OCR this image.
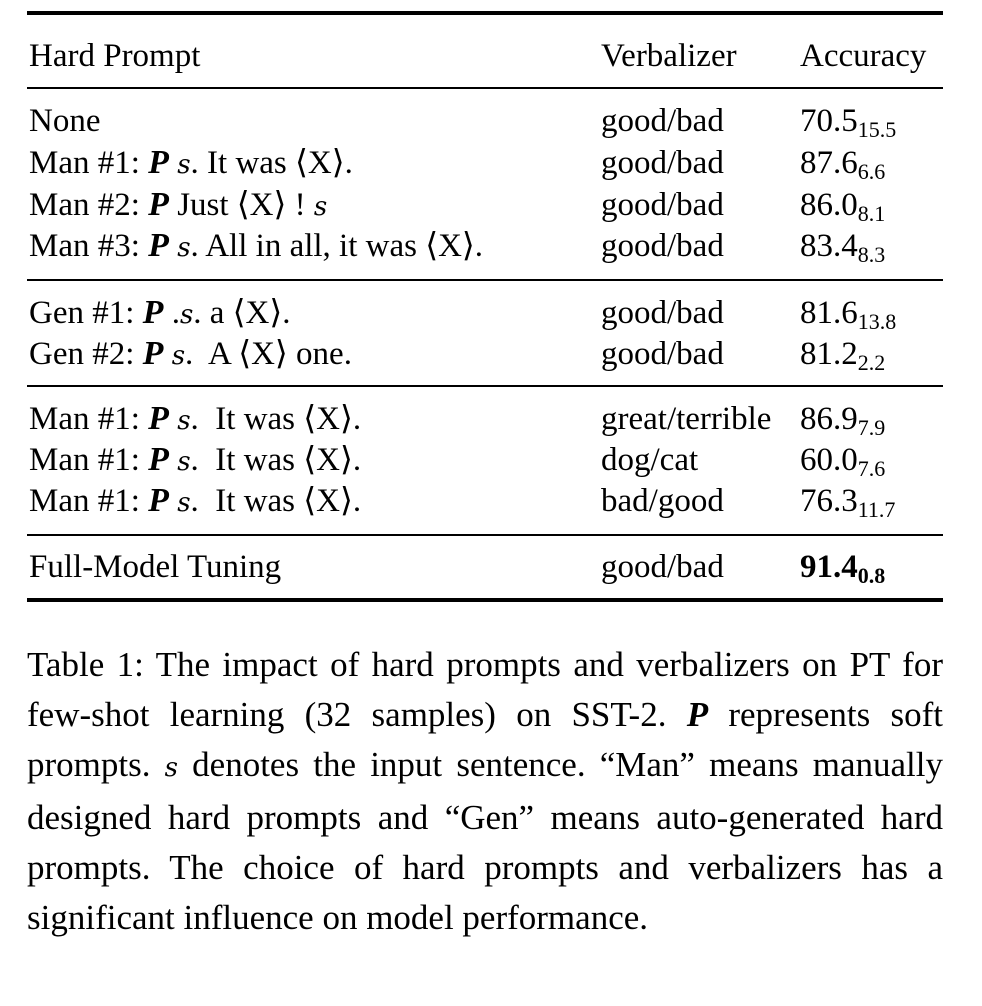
Hard Prompt	Verbalizer Accuracy
None	good/bad $70.5_{15.5}$
Man #1: P s. It was ⟨X⟩.	good/bad $87.6_{6.6}$
Man #2: P Just ⟨X⟩ ! s	good/bad $86.0_{8.1}$
Man #3: P s. All in all, it was ⟨X⟩.	good/bad $83.4_{8.3}$
Gen #1: P .s. a ⟨X⟩.	good/bad $81.6_{13.8}$
Gen #2: P s.  A ⟨X⟩ one.	good/bad $81.2_{2.2}$
Man #1: P s.  It was ⟨X⟩.	great/terrible $86.9_{7.9}$
Man #1: P s.  It was ⟨X⟩.	dog/cat	$60.0_{7.6}$
Man #1: P s.  It was ⟨X⟩.	bad/good $76.3_{11.7}$
Full-Model Tuning	good/bad $91.4_{0.8}$
Table 1: The impact of hard prompts and verbalizers on PT for few-shot learning (32 samples) on SST-2. P represents soft prompts. s denotes the input sentence. “Man” means manually designed hard prompts and “Gen” means auto-generated hard prompts. The choice of hard prompts and verbalizers has a significant influence on model performance.
